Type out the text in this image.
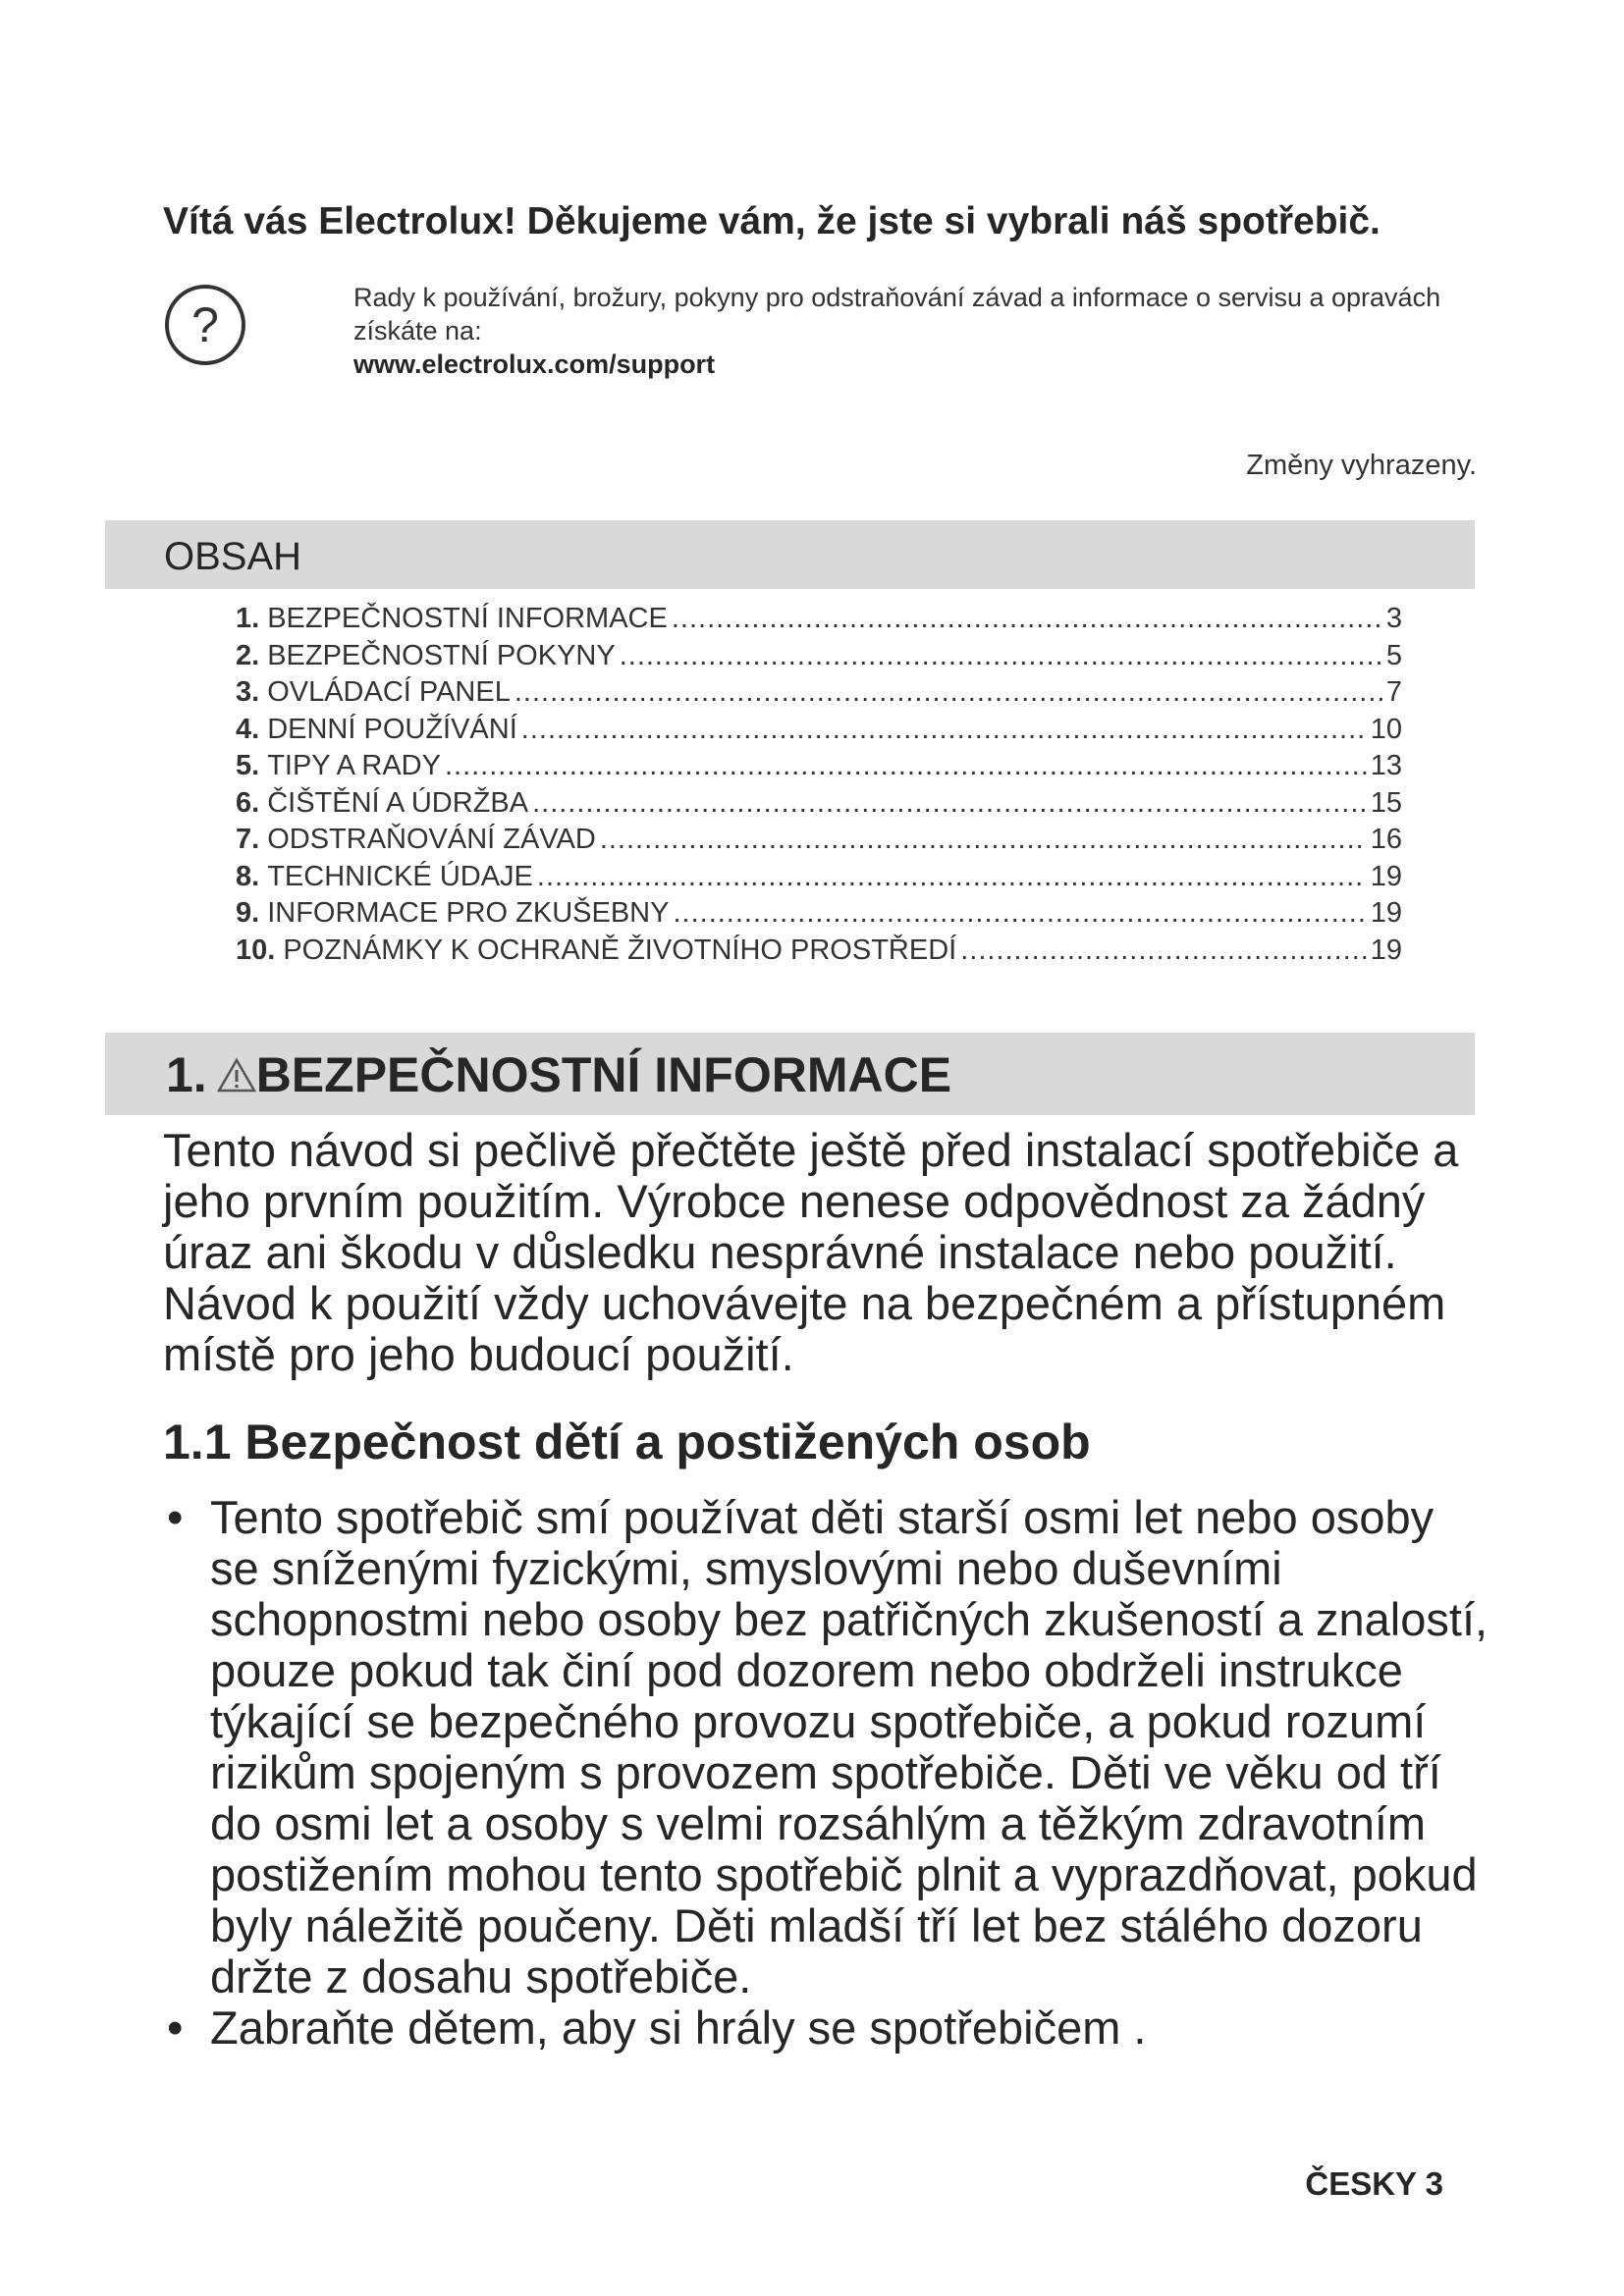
Vítá vás Electrolux! Děkujeme vám, že jste si vybrali náš spotřebič.
?	Rady k používání, brožury, pokyny pro odstraňování závad a informace o servisu a opravách získáte na:
www.electrolux.com/support
Změny vyhrazeny.
OBSAH
1. BEZPEČNOSTNÍ INFORMACE .....	3
2. BEZPEČNOSTNÍ POKYNY .....	5
3. OVLÁDACÍ PANEL .....	7
4. DENNÍ POUŽÍVÁNÍ .....	10
5. TIPY A RADY .....	13
6. ČIŠTĚNÍ A ÚDRŽBA .....	15
7. ODSTRAŇOVÁNÍ ZÁVAD .....	16
8. TECHNICKÉ ÚDAJE .....	19
9. INFORMACE PRO ZKUŠEBNY .....	19
10. POZNÁMKY K OCHRANĚ ŽIVOTNÍHO PROSTŘEDÍ .....	19
1. BEZPEČNOSTNÍ INFORMACE

Tento návod si pečlivě přečtěte ještě před instalací spotřebiče a jeho prvním použitím. Výrobce nenese odpovědnost za žádný úraz ani škodu v důsledku nesprávné instalace nebo použití. Návod k použití vždy uchovávejte na bezpečném a přístupném místě pro jeho budoucí použití.

1.1 Bezpečnost dětí a postižených osob
• Tento spotřebič smí používat děti starší osmi let nebo osoby se sníženými fyzickými, smyslovými nebo duševními schopnostmi nebo osoby bez patřičných zkušeností a znalostí, pouze pokud tak činí pod dozorem nebo obdrželi instrukce týkající se bezpečného provozu spotřebiče, a pokud rozumí rizikům spojeným s provozem spotřebiče. Děti ve věku od tří do osmi let a osoby s velmi rozsáhlým a těžkým zdravotním postižením mohou tento spotřebič plnit a vyprazdňovat, pokud byly náležitě poučeny. Děti mladší tří let bez stálého dozoru držte z dosahu spotřebiče.
• Zabraňte dětem, aby si hrály se spotřebičem .
ČESKY 3
